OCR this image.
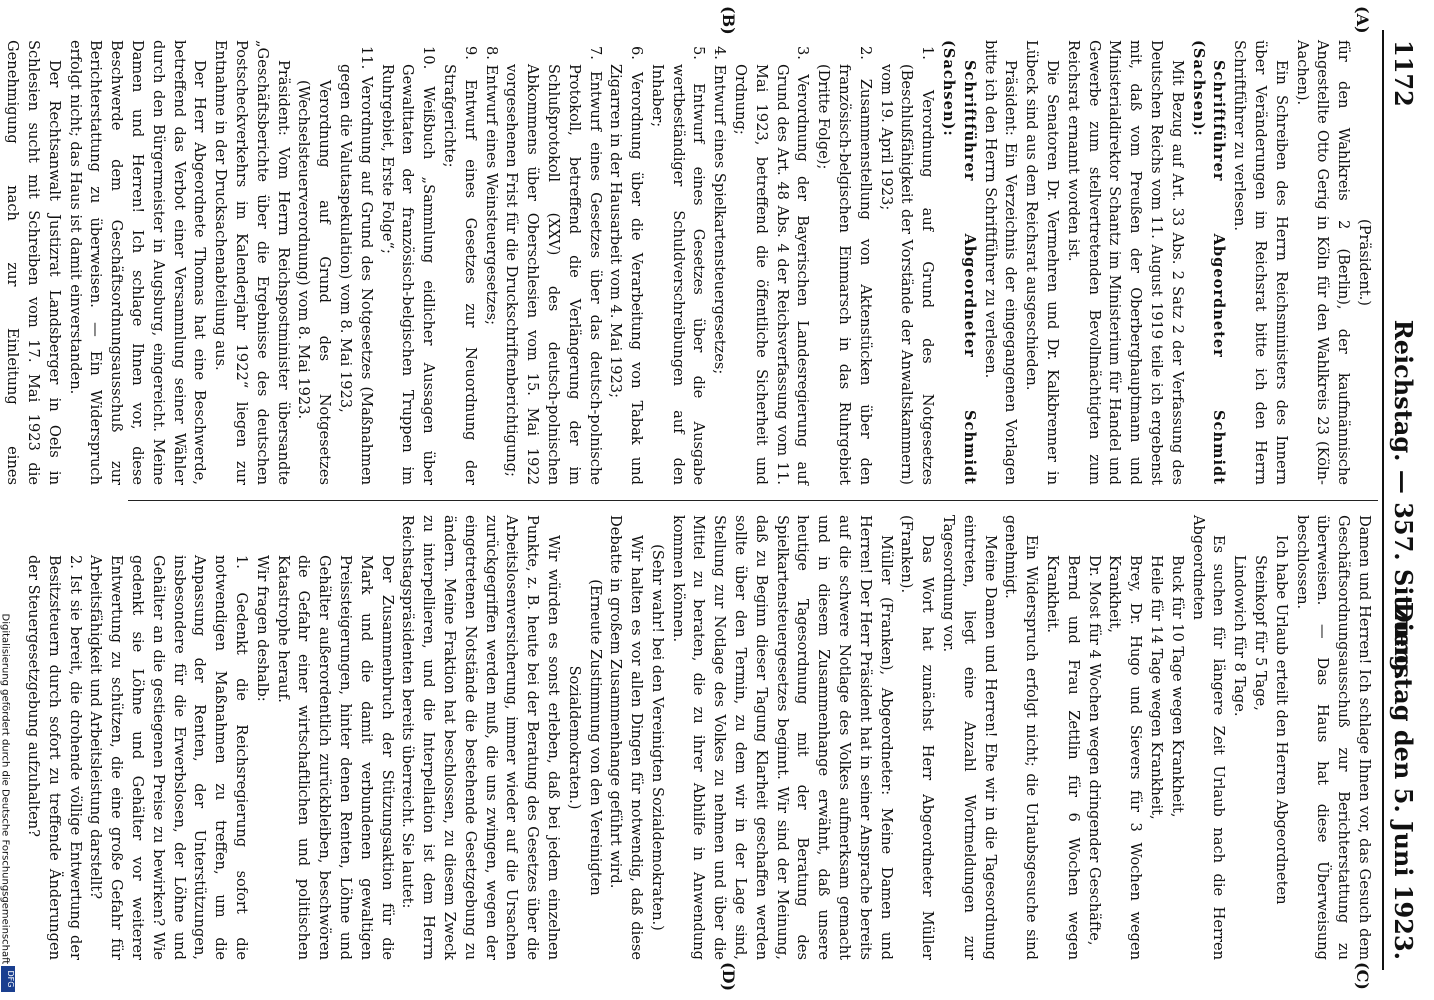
1172
Reichstag. — 357. Sitzung.
Dienstag den 5. Juni 1923.
(A)
(B)
(C)
(D)

(Präsident.)

für den Wahlkreis 2 (Berlin), der kaufmännische Angestellte Otto Gerig in Köln für den Wahlkreis 23 (Köln-Aachen).

Ein Schreiben des Herrn Reichsministers des Innern über Veränderungen im Reichsrat bitte ich den Herrn Schriftführer zu verlesen.

Schriftführer Abgeordneter Schmidt (Sachsen):

Mit Bezug auf Art. 33 Abs. 2 Satz 2 der Verfassung des Deutschen Reichs vom 11. August 1919 teile ich ergebenst mit, daß vom Preußen der Oberberghauptmann und Ministerialdirektor Schantz im Ministerium für Handel und Gewerbe zum stellvertretenden Bevollmächtigten zum Reichsrat ernannt worden ist.

Die Senatoren Dr. Vermehren und Dr. Kalkbrenner in Lübeck sind aus dem Reichsrat ausgeschieden.

Präsident: Ein Verzeichnis der eingegangenen Vorlagen bitte ich den Herrn Schriftführer zu verlesen.

Schriftführer Abgeordneter Schmidt (Sachsen):

1. Verordnung auf Grund des Notgesetzes (Beschlußfähigkeit der Vorstände der Anwaltskammern) vom 19. April 1923;

2. Zusammenstellung von Aktenstücken über den französisch-belgischen Einmarsch in das Ruhrgebiet (Dritte Folge);

3. Verordnung der Bayerischen Landesregierung auf Grund des Art. 48 Abs. 4 der Reichsverfassung vom 11. Mai 1923, betreffend die öffentliche Sicherheit und Ordnung;

4. Entwurf eines Spielkartensteuergesetzes;

5. Entwurf eines Gesetzes über die Ausgabe wertbeständiger Schuldverschreibungen auf den Inhaber;

6. Verordnung über die Verarbeitung von Tabak und Zigarren in der Hausarbeit vom 4. Mai 1923;

7. Entwurf eines Gesetzes über das deutsch-polnische Protokoll, betreffend die Verlängerung der im Schlußprotokoll (XXV) des deutsch-polnischen Abkommens über Oberschlesien vom 15. Mai 1922 vorgesehenen Frist für die Druckschriftenberichtigung;

8. Entwurf eines Weinsteuergesetzes;

9. Entwurf eines Gesetzes zur Neuordnung der Strafgerichte;

10. Weißbuch „Sammlung eidlicher Aussagen über Gewalttaten der französisch-belgischen Truppen im Ruhrgebiet, Erste Folge“;

11. Verordnung auf Grund des Notgesetzes (Maßnahmen gegen die Valutaspekulation) vom 8. Mai 1923,

Verordnung auf Grund des Notgesetzes (Wechselsteuerverordnung) vom 8. Mai 1923.

Präsident: Vom Herrn Reichspostminister übersandte „Geschäftsberichte über die Ergebnisse des deutschen Postscheckverkehrs im Kalenderjahr 1922“ liegen zur Entnahme in der Drucksachenabteilung aus.

Der Herr Abgeordnete Thomas hat eine Beschwerde, betreffend das Verbot einer Versammlung seiner Wähler durch den Bürgermeister in Augsburg, eingereicht. Meine Damen und Herren! Ich schlage Ihnen vor, diese Beschwerde dem Geschäftsordnungsausschuß zur Berichterstattung zu überweisen. — Ein Widerspruch erfolgt nicht; das Haus ist damit einverstanden.

Der Rechtsanwalt Justizrat Landsberger in Oels in Schlesien sucht mit Schreiben vom 17. Mai 1923 die Genehmigung nach zur Einleitung eines

Damen und Herren! Ich schlage Ihnen vor, das Gesuch dem Geschäftsordnungsausschuß zur Berichterstattung zu überweisen. — Das Haus hat diese Überweisung beschlossen.

Ich habe Urlaub erteilt den Herren Abgeordneten

Steinkopf für 5 Tage,

Lindowich für 8 Tage.

Es suchen für längere Zeit Urlaub nach die Herren Abgeordneten

Buck für 10 Tage wegen Krankheit,

Heile für 14 Tage wegen Krankheit,

Brey, Dr. Hugo und Sievers für 3 Wochen wegen Krankheit,

Dr. Most für 4 Wochen wegen dringender Geschäfte,

Bernd und Frau Zettlin für 6 Wochen wegen Krankheit.

Ein Widerspruch erfolgt nicht; die Urlaubsgesuche sind genehmigt.

Meine Damen und Herren! Ehe wir in die Tagesordnung eintreten, liegt eine Anzahl Wortmeldungen zur Tagesordnung vor.

Das Wort hat zunächst Herr Abgeordneter Müller (Franken).

Müller (Franken), Abgeordneter: Meine Damen und Herren! Der Herr Präsident hat in seiner Ansprache bereits auf die schwere Notlage des Volkes aufmerksam gemacht und in diesem Zusammenhange erwähnt, daß unsere heutige Tagesordnung mit der Beratung des Spielkartensteuergesetzes beginnt. Wir sind der Meinung, daß zu Beginn dieser Tagung Klarheit geschaffen werden sollte über den Termin, zu dem wir in der Lage sind, Stellung zur Notlage des Volkes zu nehmen und über die Mittel zu beraten, die zu ihrer Abhilfe in Anwendung kommen können.

(Sehr wahr! bei den Vereinigten Sozialdemokraten.)

Wir halten es vor allen Dingen für notwendig, daß diese Debatte in großem Zusammenhange geführt wird.

(Erneute Zustimmung von den Vereinigten Sozialdemokraten.)

Wir würden es sonst erleben, daß bei jedem einzelnen Punkte, z. B. heute bei der Beratung des Gesetzes über die Arbeitslosenversicherung, immer wieder auf die Ursachen zurückgegriffen werden muß, die uns zwingen, wegen der eingetretenen Notstände die bestehende Gesetzgebung zu ändern. Meine Fraktion hat beschlossen, zu diesem Zweck zu interpellieren, und die Interpellation ist dem Herrn Reichstagspräsidenten bereits überreicht. Sie lautet:

Der Zusammenbruch der Stützungsaktion für die Mark und die damit verbundenen gewaltigen Preissteigerungen, hinter denen Renten, Löhne und Gehälter außerordentlich zurückbleiben, beschwören die Gefahr einer wirtschaftlichen und politischen Katastrophe herauf.

Wir fragen deshalb:

1. Gedenkt die Reichsregierung sofort die notwendigen Maßnahmen zu treffen, um die Anpassung der Renten, der Unterstützungen, insbesondere für die Erwerbslosen, der Löhne und Gehälter an die gestiegenen Preise zu bewirken? Wie gedenkt sie Löhne und Gehälter vor weiterer Entwertung zu schützen, die eine große Gefahr für Arbeitsfähigkeit und Arbeitsleistung darstellt?

2. Ist sie bereit, die drohende völlige Entwertung der Besitzsteuern durch sofort zu treffende Änderungen der Steuergesetzgebung aufzuhalten?

Digitalisierung gefördert durch die Deutsche Forschungsgemeinschaft
DFG
